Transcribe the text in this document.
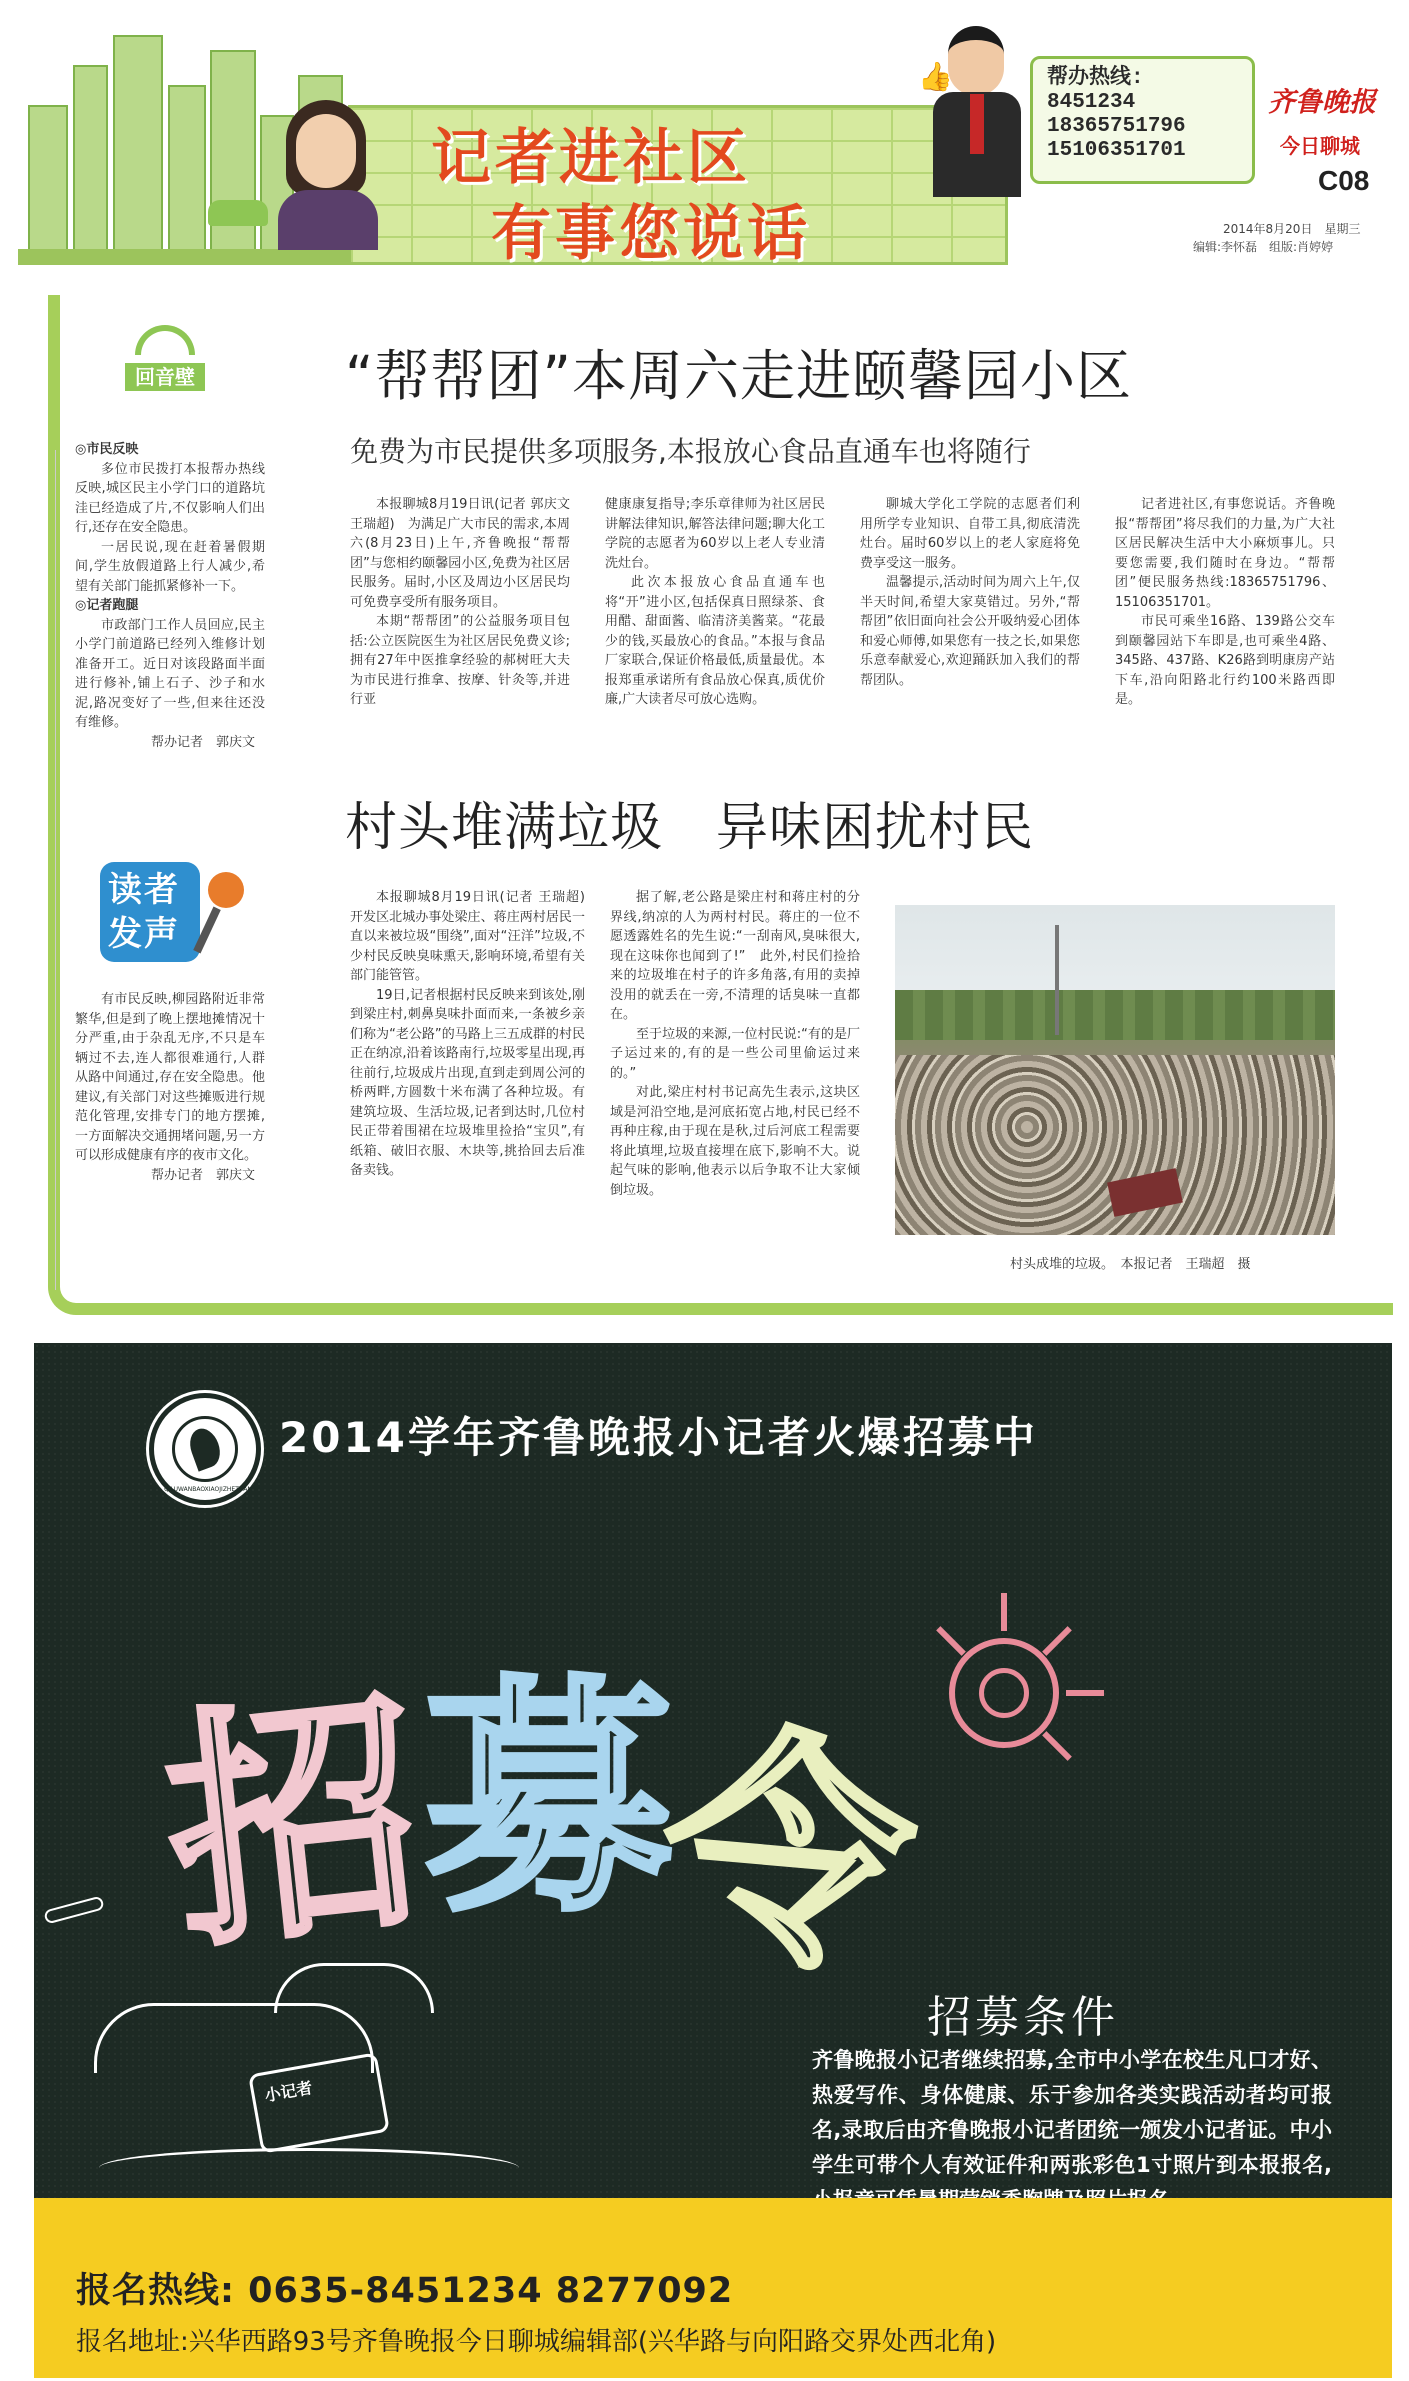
记者进社区
有事您说话
👍	帮办热线:
8451234
18365751796
15106351701
齐鲁晚报
今日聊城
C08
2014年8月20日　星期三
编辑:李怀磊　组版:肖婷婷
回音壁
◎市民反映

多位市民拨打本报帮办热线反映,城区民主小学门口的道路坑洼已经造成了片,不仅影响人们出行,还存在安全隐患。

一居民说,现在赶着暑假期间,学生放假道路上行人减少,希望有关部门能抓紧修补一下。

◎记者跑腿

市政部门工作人员回应,民主小学门前道路已经列入维修计划准备开工。近日对该段路面半面进行修补,铺上石子、沙子和水泥,路况变好了一些,但来往还没有维修。

帮办记者　郭庆文
读者发声

有市民反映,柳园路附近非常繁华,但是到了晚上摆地摊情况十分严重,由于杂乱无序,不只是车辆过不去,连人都很难通行,人群从路中间通过,存在安全隐患。他建议,有关部门对这些摊贩进行规范化管理,安排专门的地方摆摊,一方面解决交通拥堵问题,另一方可以形成健康有序的夜市文化。

帮办记者　郭庆文
“帮帮团”本周六走进颐馨园小区
免费为市民提供多项服务,本报放心食品直通车也将随行

本报聊城8月19日讯(记者 郭庆文　王瑞超)　为满足广大市民的需求,本周六(8月23日)上午,齐鲁晚报“帮帮团”与您相约颐馨园小区,免费为社区居民服务。届时,小区及周边小区居民均可免费享受所有服务项目。

本期“帮帮团”的公益服务项目包括:公立医院医生为社区居民免费义诊;拥有27年中医推拿经验的郝树旺大夫为市民进行推拿、按摩、针灸等,并进行亚

健康康复指导;李乐章律师为社区居民讲解法律知识,解答法律问题;聊大化工学院的志愿者为60岁以上老人专业清洗灶台。

此次本报放心食品直通车也将“开”进小区,包括保真日照绿茶、食用醋、甜面酱、临清济美酱菜。“花最少的钱,买最放心的食品。”本报与食品厂家联合,保证价格最低,质量最优。本报郑重承诺所有食品放心保真,质优价廉,广大读者尽可放心选购。

聊城大学化工学院的志愿者们利用所学专业知识、自带工具,彻底清洗灶台。届时60岁以上的老人家庭将免费享受这一服务。

温馨提示,活动时间为周六上午,仅半天时间,希望大家莫错过。另外,“帮帮团”依旧面向社会公开吸纳爱心团体和爱心师傅,如果您有一技之长,如果您乐意奉献爱心,欢迎踊跃加入我们的帮帮团队。

记者进社区,有事您说话。齐鲁晚报“帮帮团”将尽我们的力量,为广大社区居民解决生活中大小麻烦事儿。只要您需要,我们随时在身边。“帮帮团”便民服务热线:18365751796、15106351701。

市民可乘坐16路、139路公交车到颐馨园站下车即是,也可乘坐4路、345路、437路、K26路到明康房产站下车,沿向阳路北行约100米路西即是。

村头堆满垃圾　异味困扰村民

本报聊城8月19日讯(记者 王瑞超)　开发区北城办事处梁庄、蒋庄两村居民一直以来被垃圾“围绕”,面对“汪洋”垃圾,不少村民反映臭味熏天,影响环境,希望有关部门能管管。

19日,记者根据村民反映来到该处,刚到梁庄村,刺鼻臭味扑面而来,一条被乡亲们称为“老公路”的马路上三五成群的村民正在纳凉,沿着该路南行,垃圾零星出现,再往前行,垃圾成片出现,直到走到周公河的桥两畔,方圆数十米布满了各种垃圾。有建筑垃圾、生活垃圾,记者到达时,几位村民正带着围裙在垃圾堆里捡拾“宝贝”,有纸箱、破旧衣服、木块等,挑拾回去后准备卖钱。

据了解,老公路是梁庄村和蒋庄村的分界线,纳凉的人为两村村民。蒋庄的一位不愿透露姓名的先生说:“一刮南风,臭味很大,现在这味你也闻到了!”　此外,村民们捡拾来的垃圾堆在村子的许多角落,有用的卖掉没用的就丢在一旁,不清理的话臭味一直都在。

至于垃圾的来源,一位村民说:“有的是厂子运过来的,有的是一些公司里偷运过来的。”

对此,梁庄村村书记高先生表示,这块区域是河沿空地,是河底拓宽占地,村民已经不再种庄稼,由于现在是秋,过后河底工程需要将此填埋,垃圾直接埋在底下,影响不大。说起气味的影响,他表示以后争取不让大家倾倒垃圾。

村头成堆的垃圾。　本报记者　王瑞超　摄
QILUWANBAOXIAOJIZHETUAN
2014学年齐鲁晚报小记者火爆招募中
招
募
令
小记者
招募条件
齐鲁晚报小记者继续招募,全市中小学在校生凡口才好、热爱写作、身体健康、乐于参加各类实践活动者均可报名,录取后由齐鲁晚报小记者团统一颁发小记者证。中小学生可带个人有效证件和两张彩色1寸照片到本报报名,
报名热线: 0635-8451234 8277092
报名地址:兴华西路93号齐鲁晚报今日聊城编辑部(兴华路与向阳路交界处西北角)
